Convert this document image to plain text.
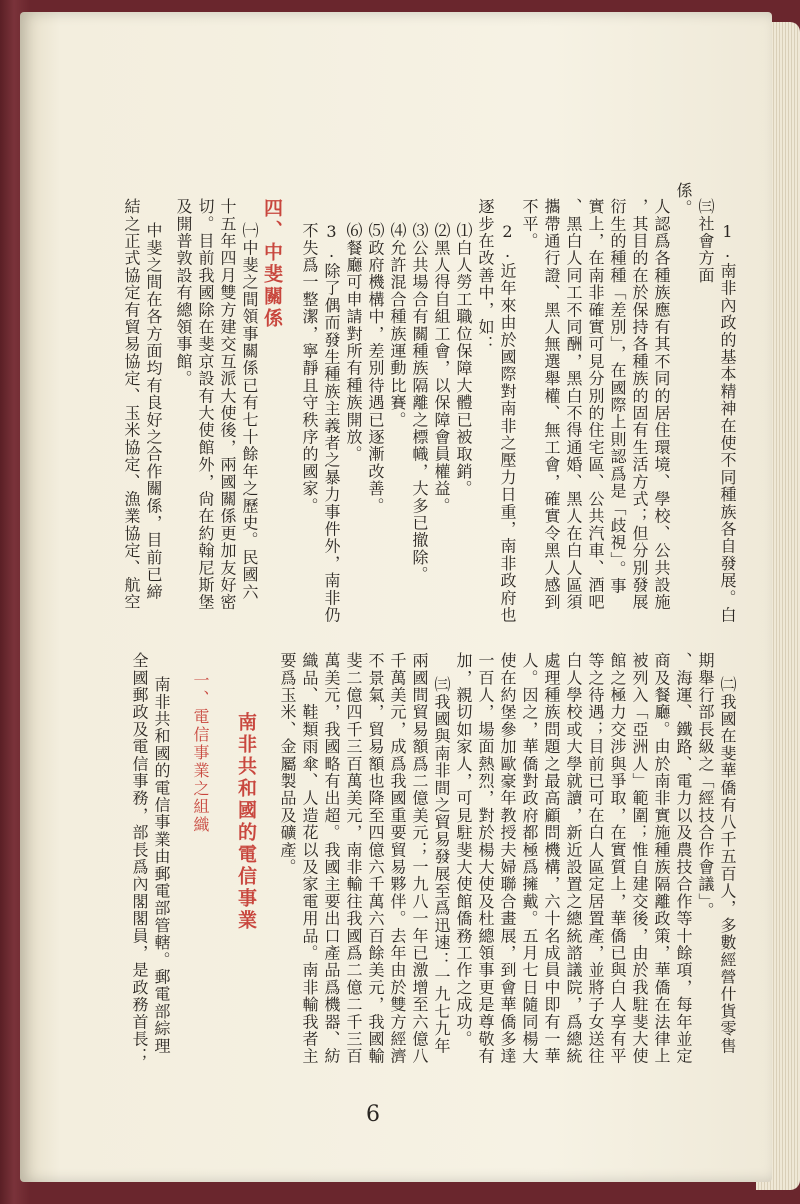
係。 ㈢社會方面 1.南非內政的基本精神在使不同種族各自發展。白
人認爲各種族應有其不同的居住環境、學校、公共設施
，其目的在於保持各種族的固有生活方式；但分別發展
衍生的種種「差別」，在國際上則認爲是「歧視」。事
實上，在南非確實可見分別的住宅區、公共汽車、酒吧
、黑白人同工不同酬，黑白不得通婚、黑人在白人區須
攜帶通行證、黑人無選舉權、無工會，確實令黑人感到
不平。
2.近年來由於國際對南非之壓力日重，南非政府也
逐步在改善中，如：
⑴白人勞工職位保障大體已被取銷。
⑵黑人得自組工會，以保障會員權益。
⑶公共場合有關種族隔離之標幟，大多已撤除。
⑷允許混合種族運動比賽。
⑸政府機構中，差別待遇已逐漸改善。
⑹餐廳可申請對所有種族開放。
3.除了偶而發生種族主義者之暴力事件外，南非仍
不失爲一整潔，寧靜且守秩序的國家。
四、中斐關係
㈠中斐之間領事關係已有七十餘年之歷史。民國六
十五年四月雙方建交互派大使後，兩國關係更加友好密
切。目前我國除在斐京設有大使館外，尙在約翰尼斯堡
及開普敦設有總領事館。
中斐之間在各方面均有良好之合作關係，目前已締
結之正式協定有貿易協定、玉米協定、漁業協定、航空
、海運、鐵路、電力以及農技合作等十餘項，每年並定 期舉行部長級之「經技合作會議」。 ㈡我國在斐華僑有八千五百人，多數經營什貨零售
商及餐廳。由於南非實施種族隔離政策，華僑在法律上
被列入「亞洲人」範圍；惟自建交後，由於我駐斐大使
館之極力交涉與爭取，在實質上，華僑已與白人享有平
等之待遇；目前已可在白人區定居置產，並將子女送往
白人學校或大學就讀，新近設置之總統諮議院，爲總統
處理種族問題之最高顧問機構，六十名成員中即有一華
人。因之，華僑對政府都極爲擁戴。五月七日隨同楊大
使在約堡參加歐豪年教授夫婦聯合畫展，到會華僑多達
一百人，場面熱烈，對於楊大使及杜總領事更是尊敬有
加，親切如家人，可見駐斐大使館僑務工作之成功。
㈢我國與南非間之貿易發展至爲迅速：一九七九年
兩國間貿易額爲二億美元；一九八一年已激增至六億八
千萬美元，成爲我國重要貿易夥伴。去年由於雙方經濟
不景氣，貿易額也降至四億六千萬六百餘美元，我國輸
斐二億四千三百萬美元，南非輸往我國爲二億二千三百
萬美元，我國略有出超。我國主要出口產品爲機器、紡
織品、鞋類雨傘、人造花以及家電用品。南非輸我者主
要爲玉米、金屬製品及礦產。
南非共和國的電信事業
一、電信事業之組織
南非共和國的電信事業由郵電部管轄。郵電部綜理
全國郵政及電信事務，部長爲內閣閣員，是政務首長；
6
